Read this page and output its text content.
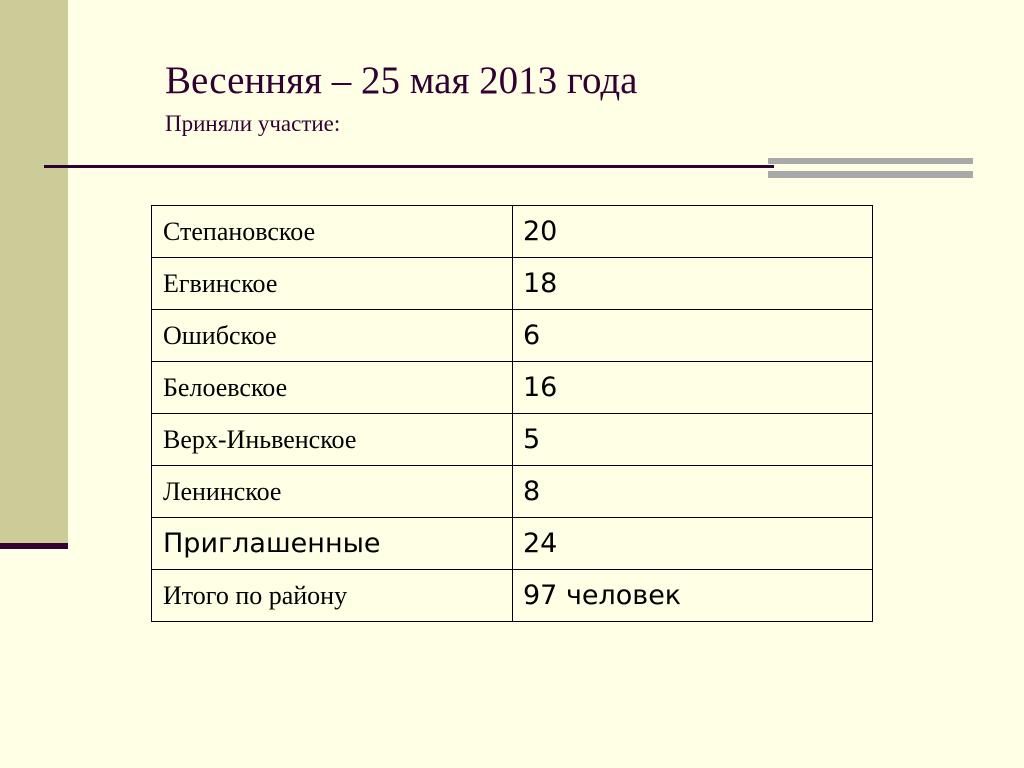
Весенняя – 25 мая 2013 года

Приняли участие:

Степановское	20
Егвинское	18
Ошибское	6
Белоевское	16
Верх-Иньвенское	5
Ленинское	8
Приглашенные	24
Итого по району	97 человек
